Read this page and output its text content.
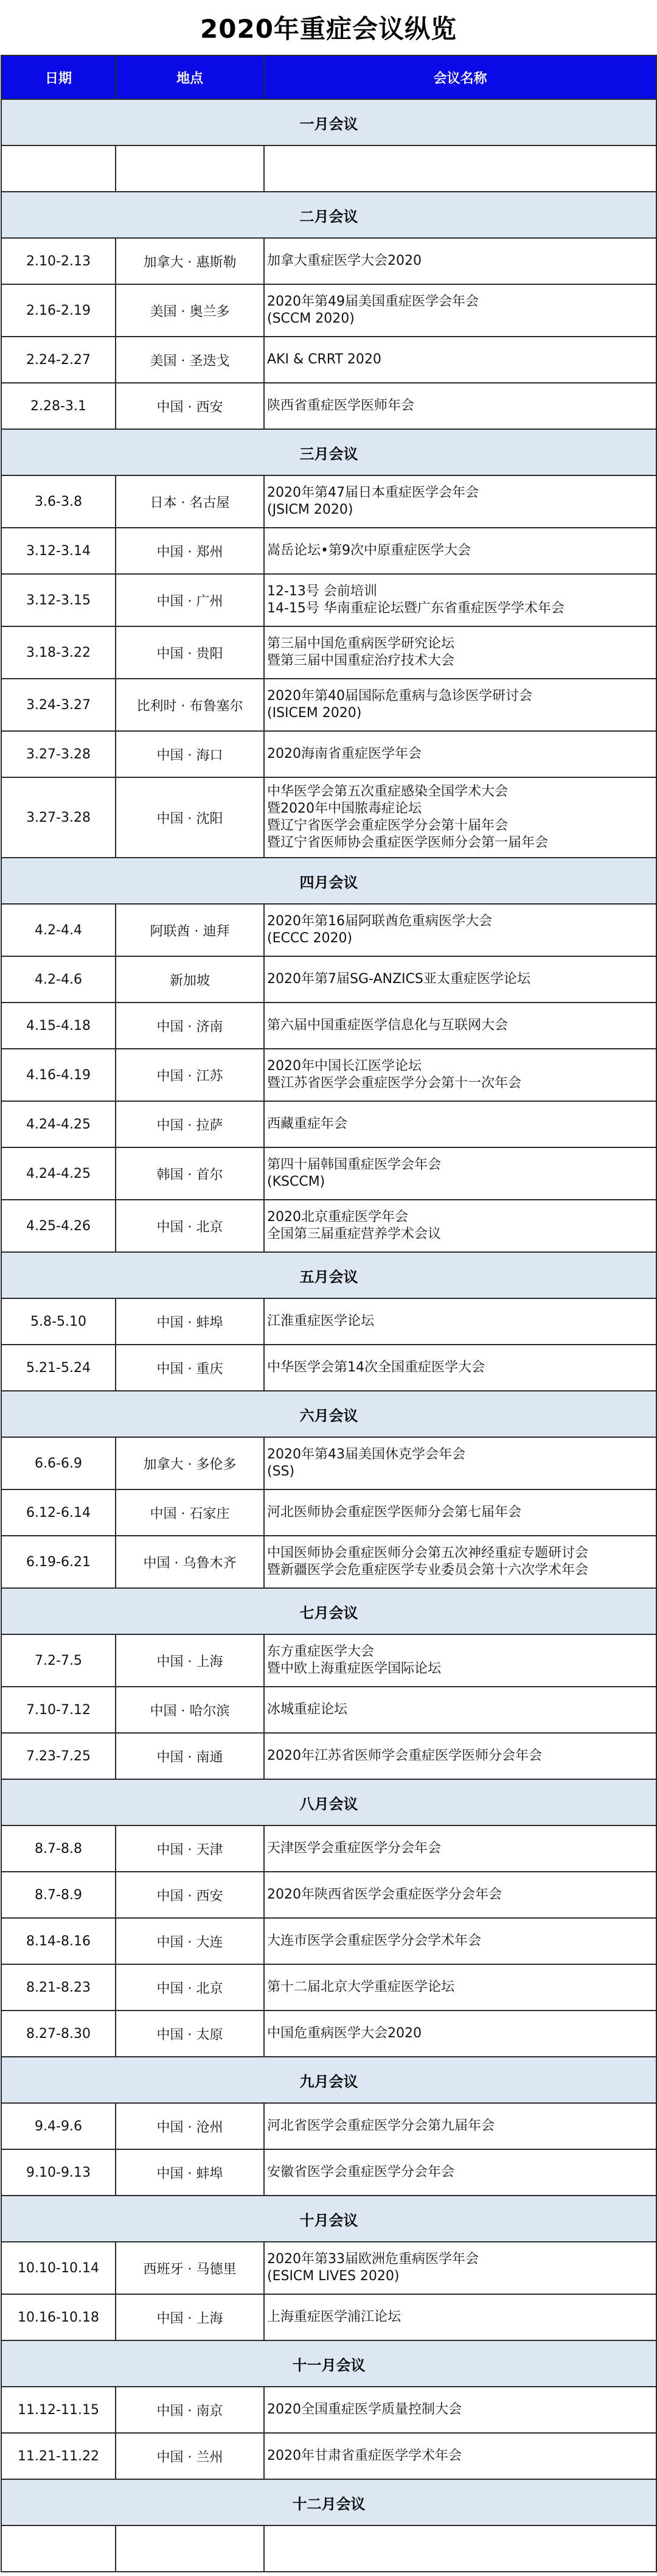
2020年重症会议纵览
日期	地点	会议名称
一月会议		

二月会议		
2.10-2.13	加拿大 · 惠斯勒	加拿大重症医学大会2020

2.16-2.19	美国 · 奥兰多	2020年第49届美国重症医学会年会
(SCCM 2020)

2.24-2.27	美国 · 圣迭戈	AKI & CRRT 2020

2.28-3.1	中国 · 西安	陕西省重症医学医师年会

三月会议		
3.6-3.8	日本 · 名古屋	2020年第47届日本重症医学会年会
(JSICM 2020)

3.12-3.14	中国 · 郑州	嵩岳论坛•第9次中原重症医学大会

3.12-3.15	中国 · 广州	12-13号 会前培训
14-15号 华南重症论坛暨广东省重症医学学术年会

3.18-3.22	中国 · 贵阳	第三届中国危重病医学研究论坛
暨第三届中国重症治疗技术大会

3.24-3.27	比利时 · 布鲁塞尔	2020年第40届国际危重病与急诊医学研讨会
(ISICEM 2020)

3.27-3.28	中国 · 海口	2020海南省重症医学年会

3.27-3.28	中国 · 沈阳	中华医学会第五次重症感染全国学术大会
暨2020年中国脓毒症论坛
暨辽宁省医学会重症医学分会第十届年会
暨辽宁省医师协会重症医学医师分会第一届年会

四月会议		
4.2-4.4	阿联酋 · 迪拜	2020年第16届阿联酋危重病医学大会
(ECCC 2020)

4.2-4.6	新加坡	2020年第7届SG-ANZICS亚太重症医学论坛

4.15-4.18	中国 · 济南	第六届中国重症医学信息化与互联网大会

4.16-4.19	中国 · 江苏	2020年中国长江医学论坛
暨江苏省医学会重症医学分会第十一次年会

4.24-4.25	中国 · 拉萨	西藏重症年会

4.24-4.25	韩国 · 首尔	第四十届韩国重症医学会年会
(KSCCM)

4.25-4.26	中国 · 北京	2020北京重症医学年会
全国第三届重症营养学术会议

五月会议		
5.8-5.10	中国 · 蚌埠	江淮重症医学论坛

5.21-5.24	中国 · 重庆	中华医学会第14次全国重症医学大会

六月会议		
6.6-6.9	加拿大 · 多伦多	2020年第43届美国休克学会年会
(SS)

6.12-6.14	中国 · 石家庄	河北医师协会重症医学医师分会第七届年会

6.19-6.21	中国 · 乌鲁木齐	中国医师协会重症医师分会第五次神经重症专题研讨会
暨新疆医学会危重症医学专业委员会第十六次学术年会

七月会议		
7.2-7.5	中国 · 上海	东方重症医学大会
暨中欧上海重症医学国际论坛

7.10-7.12	中国 · 哈尔滨	冰城重症论坛

7.23-7.25	中国 · 南通	2020年江苏省医师学会重症医学医师分会年会

八月会议		
8.7-8.8	中国 · 天津	天津医学会重症医学分会年会

8.7-8.9	中国 · 西安	2020年陕西省医学会重症医学分会年会

8.14-8.16	中国 · 大连	大连市医学会重症医学分会学术年会

8.21-8.23	中国 · 北京	第十二届北京大学重症医学论坛

8.27-8.30	中国 · 太原	中国危重病医学大会2020

九月会议		
9.4-9.6	中国 · 沧州	河北省医学会重症医学分会第九届年会

9.10-9.13	中国 · 蚌埠	安徽省医学会重症医学分会年会

十月会议		
10.10-10.14	西班牙 · 马德里	2020年第33届欧洲危重病医学年会
(ESICM LIVES 2020)

10.16-10.18	中国 · 上海	上海重症医学浦江论坛

十一月会议		
11.12-11.15	中国 · 南京	2020全国重症医学质量控制大会

11.21-11.22	中国 · 兰州	2020年甘肃省重症医学学术年会

十二月会议		
